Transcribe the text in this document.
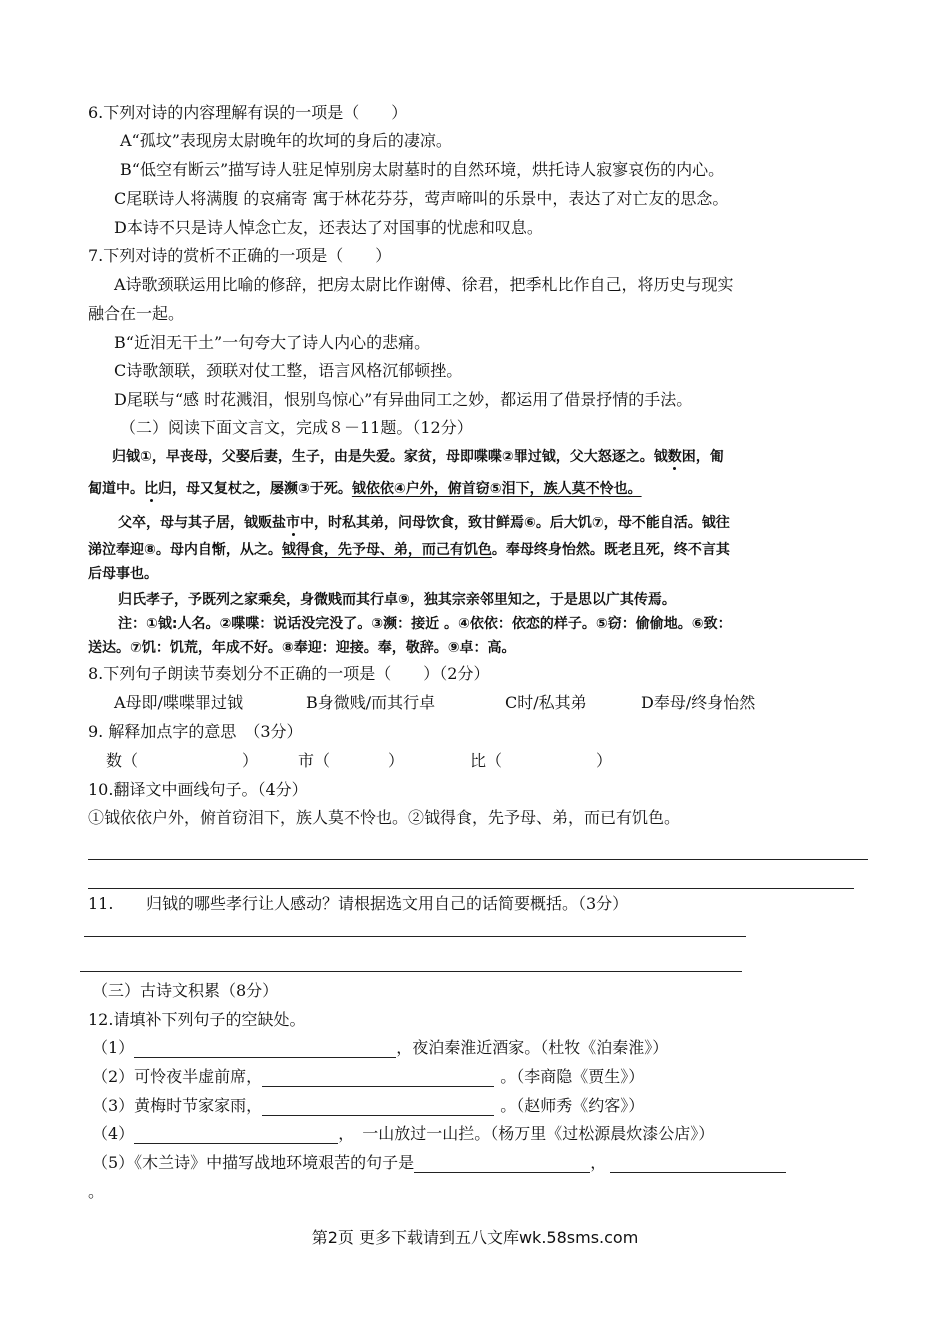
6.下列对诗的内容理解有误的一项是（　　）
A“孤坟”表现房太尉晚年的坎坷的身后的凄凉。
B“低空有断云”描写诗人驻足悼别房太尉墓时的自然环境，烘托诗人寂寥哀伤的内心。
C尾联诗人将满腹 的哀痛寄 寓于林花芬芬，莺声啼叫的乐景中，表达了对亡友的思念。
D本诗不只是诗人悼念亡友，还表达了对国事的忧虑和叹息。
7.下列对诗的赏析不正确的一项是（　　）
A诗歌颈联运用比喻的修辞，把房太尉比作谢傅、徐君，把季札比作自己，将历史与现实
融合在一起。
B“近泪无干土”一句夸大了诗人内心的悲痛。
C诗歌颔联，颈联对仗工整，语言风格沉郁顿挫。
D尾联与“感 时花溅泪，恨别鸟惊心”有异曲同工之妙，都运用了借景抒情的手法。
（二）阅读下面文言文，完成８－11题。（12分）
归钺①，早丧母，父娶后妻，生子，由是失爱。家贫，母即喋喋②罪过钺，父大怒逐之。钺数困，匍
匐道中。比归，母又复杖之，屡濒③于死。钺依依④户外，俯首窃⑤泪下，族人莫不怜也。
父卒，母与其子居，钺贩盐市中，时私其弟，问母饮食，致甘鲜焉⑥。后大饥⑦，母不能自活。钺往
涕泣奉迎⑧。母内自惭，从之。钺得食，先予母、弟，而己有饥色。奉母终身怡然。既老且死，终不言其
后母事也。
归氏孝子，予既列之家乘矣，身微贱而其行卓⑨，独其宗亲邻里知之，于是思以广其传焉。
注：①钺:人名。②喋喋：说话没完没了。③濒：接近 。④依依：依恋的样子。⑤窃：偷偷地。⑥致：
送达。⑦饥：饥荒，年成不好。⑧奉迎：迎接。奉，敬辞。⑨卓：高。
8.下列句子朗读节奏划分不正确的一项是（　　）（2分）
A母即/喋喋罪过钺	B身微贱/而其行卓	C时/私其弟	D奉母/终身怡然
9. 解释加点字的意思　（3分）
数（	） 市（	）	比（	）
10.翻译文中画线句子。（4分）
①钺依依户外，俯首窃泪下，族人莫不怜也。②钺得食，先予母、弟，而已有饥色。
11. 归钺的哪些孝行让人感动？请根据选文用自己的话简要概括。（3分）
（三）古诗文积累（8分）
12.请填补下列句子的空缺处。
（1）	，夜泊秦淮近酒家。（杜牧《泊秦淮》）
（2）可怜夜半虚前席，	。（李商隐《贾生》）
（3）黄梅时节家家雨，	。（赵师秀《约客》）
（4）	，　一山放过一山拦。（杨万里《过松源晨炊漆公店》）
（5）《木兰诗》中描写战地环境艰苦的句子是	，
。
第2页 更多下载请到五八文库wk.58sms.com
